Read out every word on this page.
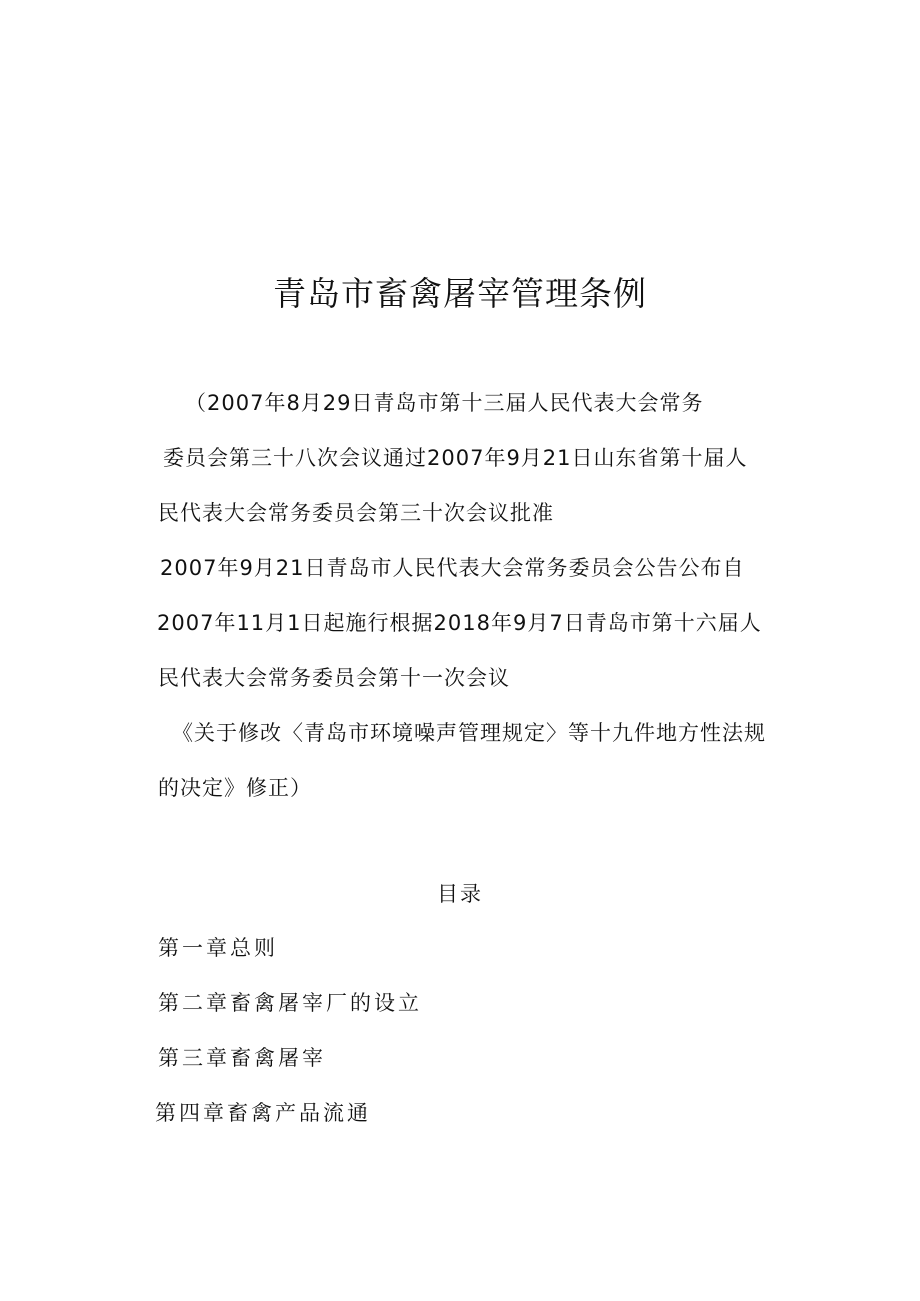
青岛市畜禽屠宰管理条例
（2007年8月29日青岛市第十三届人民代表大会常务
委员会第三十八次会议通过2007年9月21日山东省第十届人
民代表大会常务委员会第三十次会议批准
2007年9月21日青岛市人民代表大会常务委员会公告公布自
2007年11月1日起施行根据2018年9月7日青岛市第十六届人
民代表大会常务委员会第十一次会议
《关于修改〈青岛市环境噪声管理规定〉等十九件地方性法规
的决定》修正）
目录
第一章总则
第二章畜禽屠宰厂的设立
第三章畜禽屠宰
第四章畜禽产品流通
